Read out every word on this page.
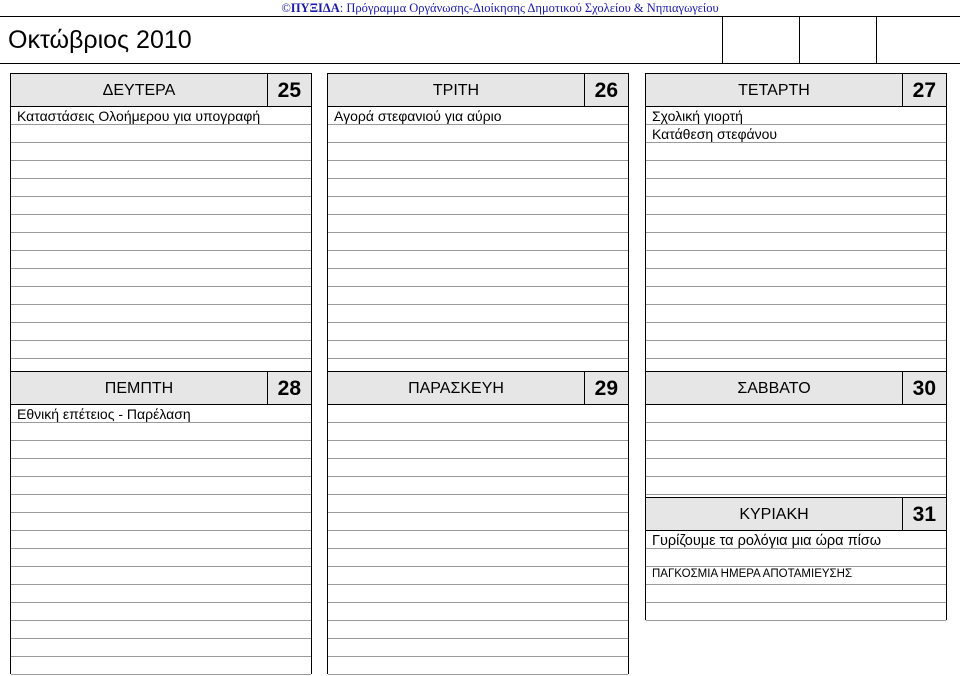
©ΠΥΞΙΔΑ: Πρόγραμμα Οργάνωσης-Διοίκησης Δημοτικού Σχολείου & Νηπιαγωγείου
Οκτώβριος 2010
ΔΕΥΤΕΡΑ	25
Καταστάσεις Ολοήμερου για υπογραφή
ΤΡΙΤΗ	26
Αγορά στεφανιού για αύριο
ΤΕΤΑΡΤΗ	27
Σχολική γιορτή
Κατάθεση στεφάνου
ΠΕΜΠΤΗ	28
Εθνική επέτειος - Παρέλαση
ΠΑΡΑΣΚΕΥΗ	29	ΣΑΒΒΑΤΟ	30
ΚΥΡΙΑΚΗ	31
Γυρίζουμε τα ρολόγια μια ώρα πίσω
ΠΑΓΚΟΣΜΙΑ ΗΜΕΡΑ ΑΠΟΤΑΜΙΕΥΣΗΣ
